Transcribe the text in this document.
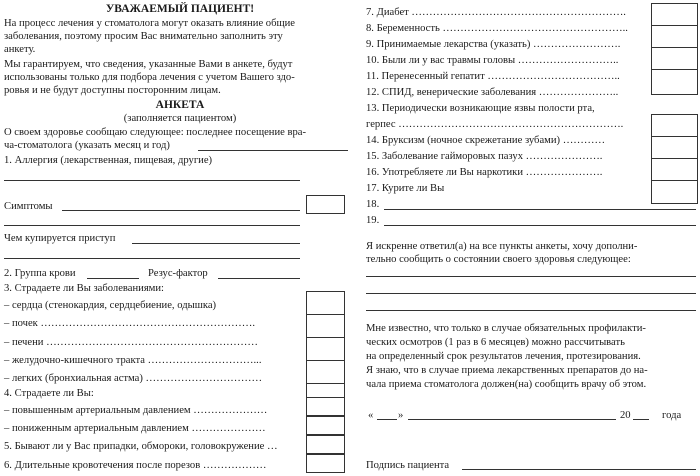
УВАЖАЕМЫЙ ПАЦИЕНТ!
На процесс лечения у стоматолога могут оказать влияние общие
заболевания, поэтому просим Вас внимательно заполнить эту
анкету.
Мы гарантируем, что сведения, указанные Вами в анкете, будут
использованы только для подбора лечения с учетом Вашего здо-
ровья и не будут доступны посторонним лицам.
АНКЕТА
(заполняется пациентом)
О своем здоровье сообщаю следующее: последнее посещение вра-
ча-стоматолога (указать месяц и год)
1. Аллергия (лекарственная, пищевая, другие)
Симптомы
Чем купируется приступ
2. Группа крови	Резус-фактор
3. Страдаете ли Вы заболеваниями:
– сердца (стенокардия, сердцебиение, одышка)
– почек …………………………………………………….
– печени ……………………………………………………
– желудочно-кишечного тракта …………………………...
– легких (бронхиальная астма) ……………………………
4. Страдаете ли Вы:
– повышенным артериальным давлением …………………
– пониженным артериальным давлением …………………
5. Бывают ли у Вас припадки, обмороки, головокружение …
6. Длительные кровотечения после порезов ………………
7. Диабет …………………………………………………….
8. Беременность ……………………………………………..
9. Принимаемые лекарства (указать) …………………….
10. Были ли у вас травмы головы ………………………..
11. Перенесенный гепатит ………………………………..
12. СПИД, венерические заболевания …………………..
13. Периодически возникающие язвы полости рта,
герпес ……………………………………………………….
14. Бруксизм (ночное скрежетание зубами) …………
15. Заболевание гайморовых пазух ………………….
16. Употребляете ли Вы наркотики ………………….
17. Курите ли Вы
18.
19.
Я искренне ответил(а) на все пункты анкеты, хочу дополни-
тельно сообщить о состоянии своего здоровья следующее:
Мне известно, что только в случае обязательных профилакти-
ческих осмотров (1 раз в 6 месяцев) можно рассчитывать
на определенный срок результатов лечения, протезирования.
Я знаю, что в случае приема лекарственных препаратов до на-
чала приема стоматолога должен(на) сообщить врачу об этом.
« »	20	года
Подпись пациента
